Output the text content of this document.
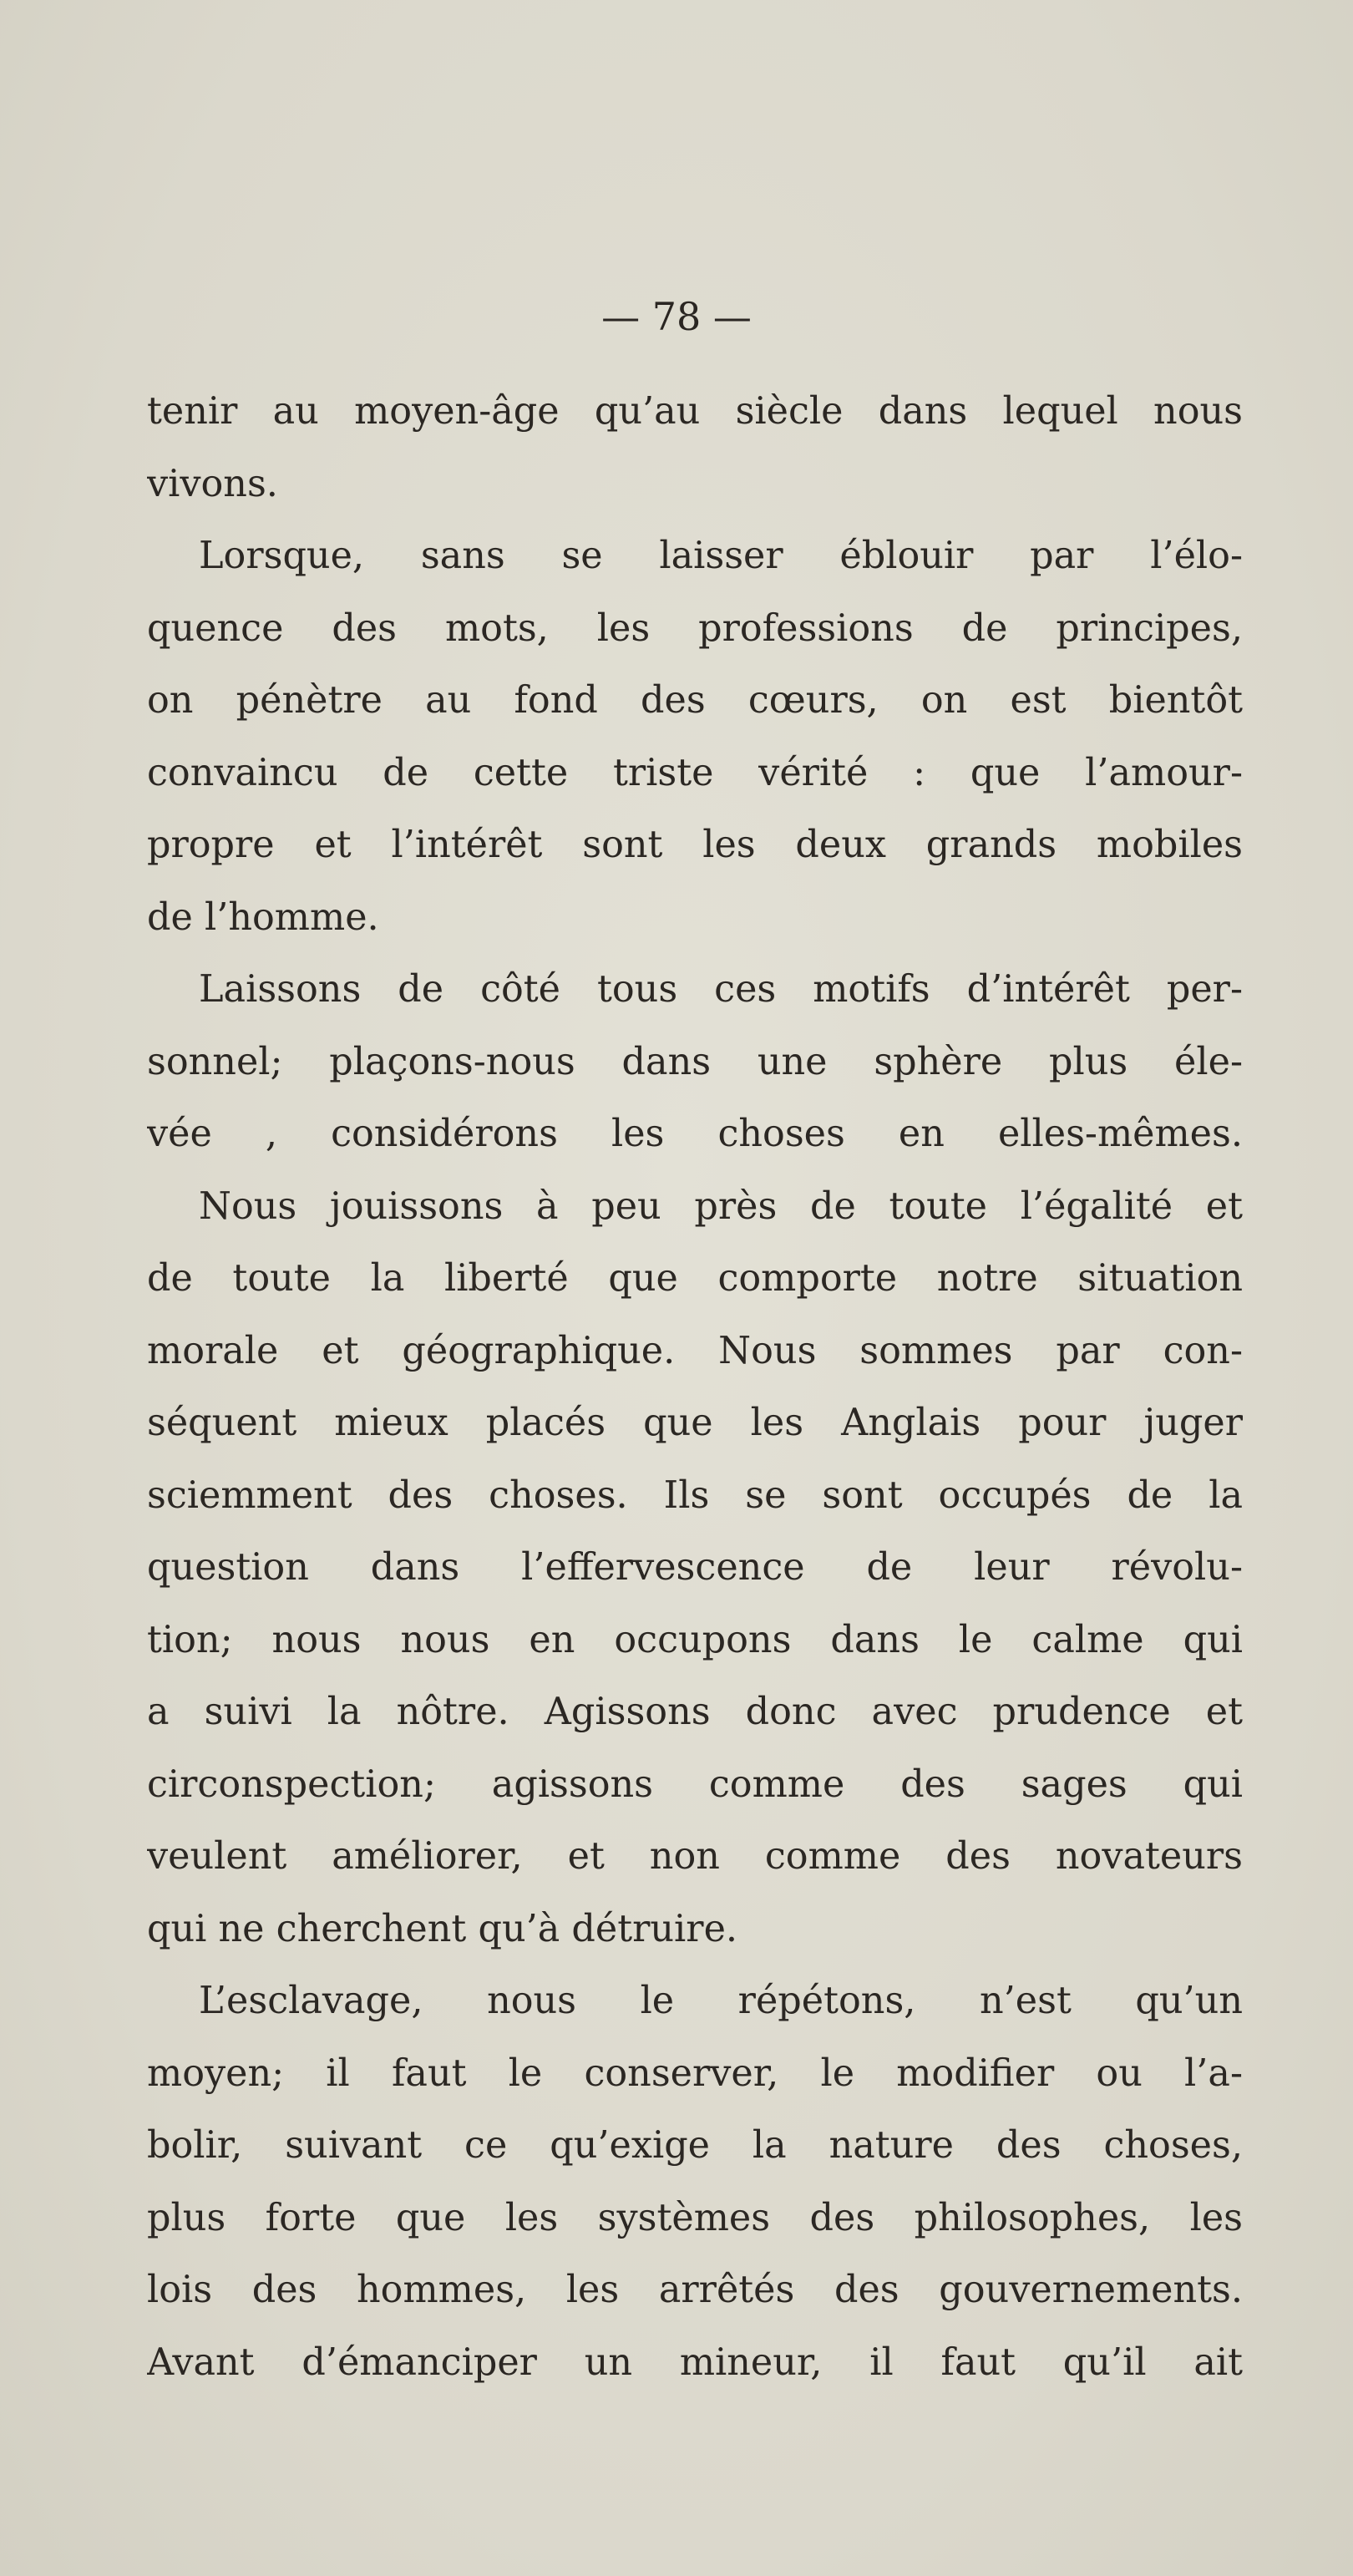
— 78 —
tenir au moyen-âge qu’au siècle dans lequel nous
vivons.
Lorsque, sans se laisser éblouir par l’élo-
quence des mots, les professions de principes,
on pénètre au fond des cœurs, on est bientôt
convaincu de cette triste vérité : que l’amour-
propre et l’intérêt sont les deux grands mobiles
de l’homme.
Laissons de côté tous ces motifs d’intérêt per-
sonnel; plaçons-nous dans une sphère plus éle-
vée , considérons les choses en elles-mêmes.
Nous jouissons à peu près de toute l’égalité et
de toute la liberté que comporte notre situation
morale et géographique. Nous sommes par con-
séquent mieux placés que les Anglais pour juger
sciemment des choses. Ils se sont occupés de la
question dans l’effervescence de leur révolu-
tion; nous nous en occupons dans le calme qui
a suivi la nôtre. Agissons donc avec prudence et
circonspection; agissons comme des sages qui
veulent améliorer, et non comme des novateurs
qui ne cherchent qu’à détruire.
L’esclavage, nous le répétons, n’est qu’un
moyen; il faut le conserver, le modifier ou l’a-
bolir, suivant ce qu’exige la nature des choses,
plus forte que les systèmes des philosophes, les
lois des hommes, les arrêtés des gouvernements.
Avant d’émanciper un mineur, il faut qu’il ait
